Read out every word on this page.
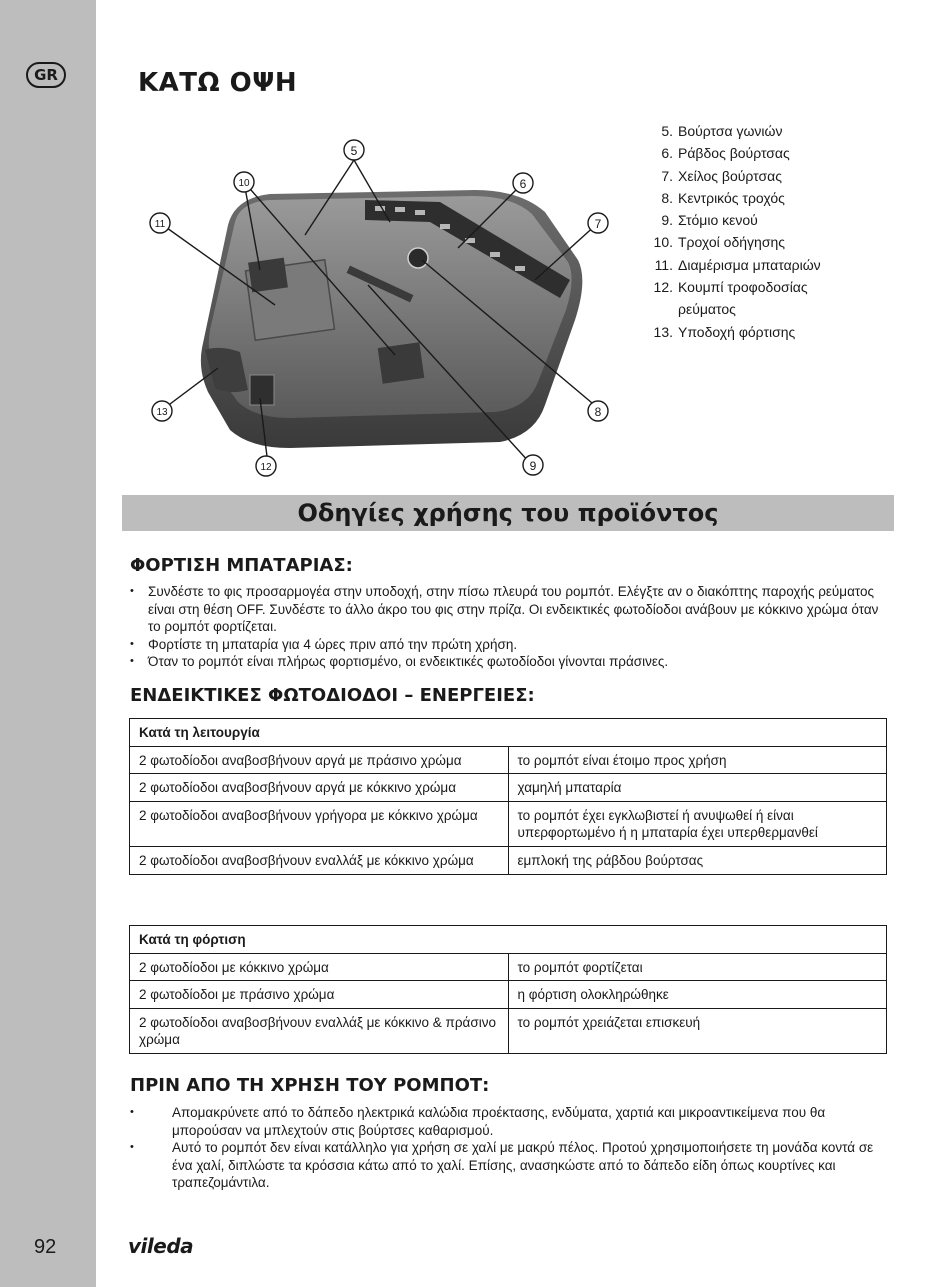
GR
92
ΚΑΤΩ ΟΨΗ
5
6
7
8
9
10
11
12
13
5. Βούρτσα γωνιών
6. Ράβδος βούρτσας
7. Χείλος βούρτσας
8. Κεντρικός τροχός
9. Στόμιο κενού
10. Τροχοί οδήγησης
11. Διαμέρισμα μπαταριών
12. Κουμπί τροφοδοσίας ρεύματος
13. Υποδοχή φόρτισης
Οδηγίες χρήσης του προϊόντος
ΦΟΡΤΙΣΗ ΜΠΑΤΑΡΙΑΣ:
• Συνδέστε το φις προσαρμογέα στην υποδοχή, στην πίσω πλευρά του ρομπότ. Ελέγξτε αν ο διακόπτης παροχής ρεύματος είναι στη θέση OFF. Συνδέστε το άλλο άκρο του φις στην πρίζα. Οι ενδεικτικές φωτοδίοδοι ανάβουν με κόκκινο χρώμα όταν το ρομπότ φορτίζεται.
• Φορτίστε τη μπαταρία για 4 ώρες πριν από την πρώτη χρήση.
• Όταν το ρομπότ είναι πλήρως φορτισμένο, οι ενδεικτικές φωτοδίοδοι γίνονται πράσινες.
ΕΝΔΕΙΚΤΙΚΕΣ ΦΩΤΟΔΙΟΔΟΙ – ΕΝΕΡΓΕΙΕΣ:
Κατά τη λειτουργία	
2 φωτοδίοδοι αναβοσβήνουν αργά με πράσινο χρώμα	το ρομπότ είναι έτοιμο προς χρήση
2 φωτοδίοδοι αναβοσβήνουν αργά με κόκκινο χρώμα	χαμηλή μπαταρία
2 φωτοδίοδοι αναβοσβήνουν γρήγορα με κόκκινο χρώμα	το ρομπότ έχει εγκλωβιστεί ή ανυψωθεί ή είναι υπερφορτωμένο ή η μπαταρία έχει υπερθερμανθεί
2 φωτοδίοδοι αναβοσβήνουν εναλλάξ με κόκκινο χρώμα	εμπλοκή της ράβδου βούρτσας
Κατά τη φόρτιση	
2 φωτοδίοδοι με κόκκινο χρώμα	το ρομπότ φορτίζεται
2 φωτοδίοδοι με πράσινο χρώμα	η φόρτιση ολοκληρώθηκε
2 φωτοδίοδοι αναβοσβήνουν εναλλάξ με κόκκινο & πράσινο χρώμα	το ρομπότ χρειάζεται επισκευή
ΠΡΙΝ ΑΠΟ ΤΗ ΧΡΗΣΗ ΤΟΥ ΡΟΜΠΟΤ:
• Απομακρύνετε από το δάπεδο ηλεκτρικά καλώδια προέκτασης, ενδύματα, χαρτιά και μικροαντικείμενα που θα μπορούσαν να μπλεχτούν στις βούρτσες καθαρισμού.
• Αυτό το ρομπότ δεν είναι κατάλληλο για χρήση σε χαλί με μακρύ πέλος. Προτού χρησιμοποιήσετε τη μονάδα κοντά σε ένα χαλί, διπλώστε τα κρόσσια κάτω από το χαλί. Επίσης, ανασηκώστε από το δάπεδο είδη όπως κουρτίνες και τραπεζομάντιλα.
vileda
